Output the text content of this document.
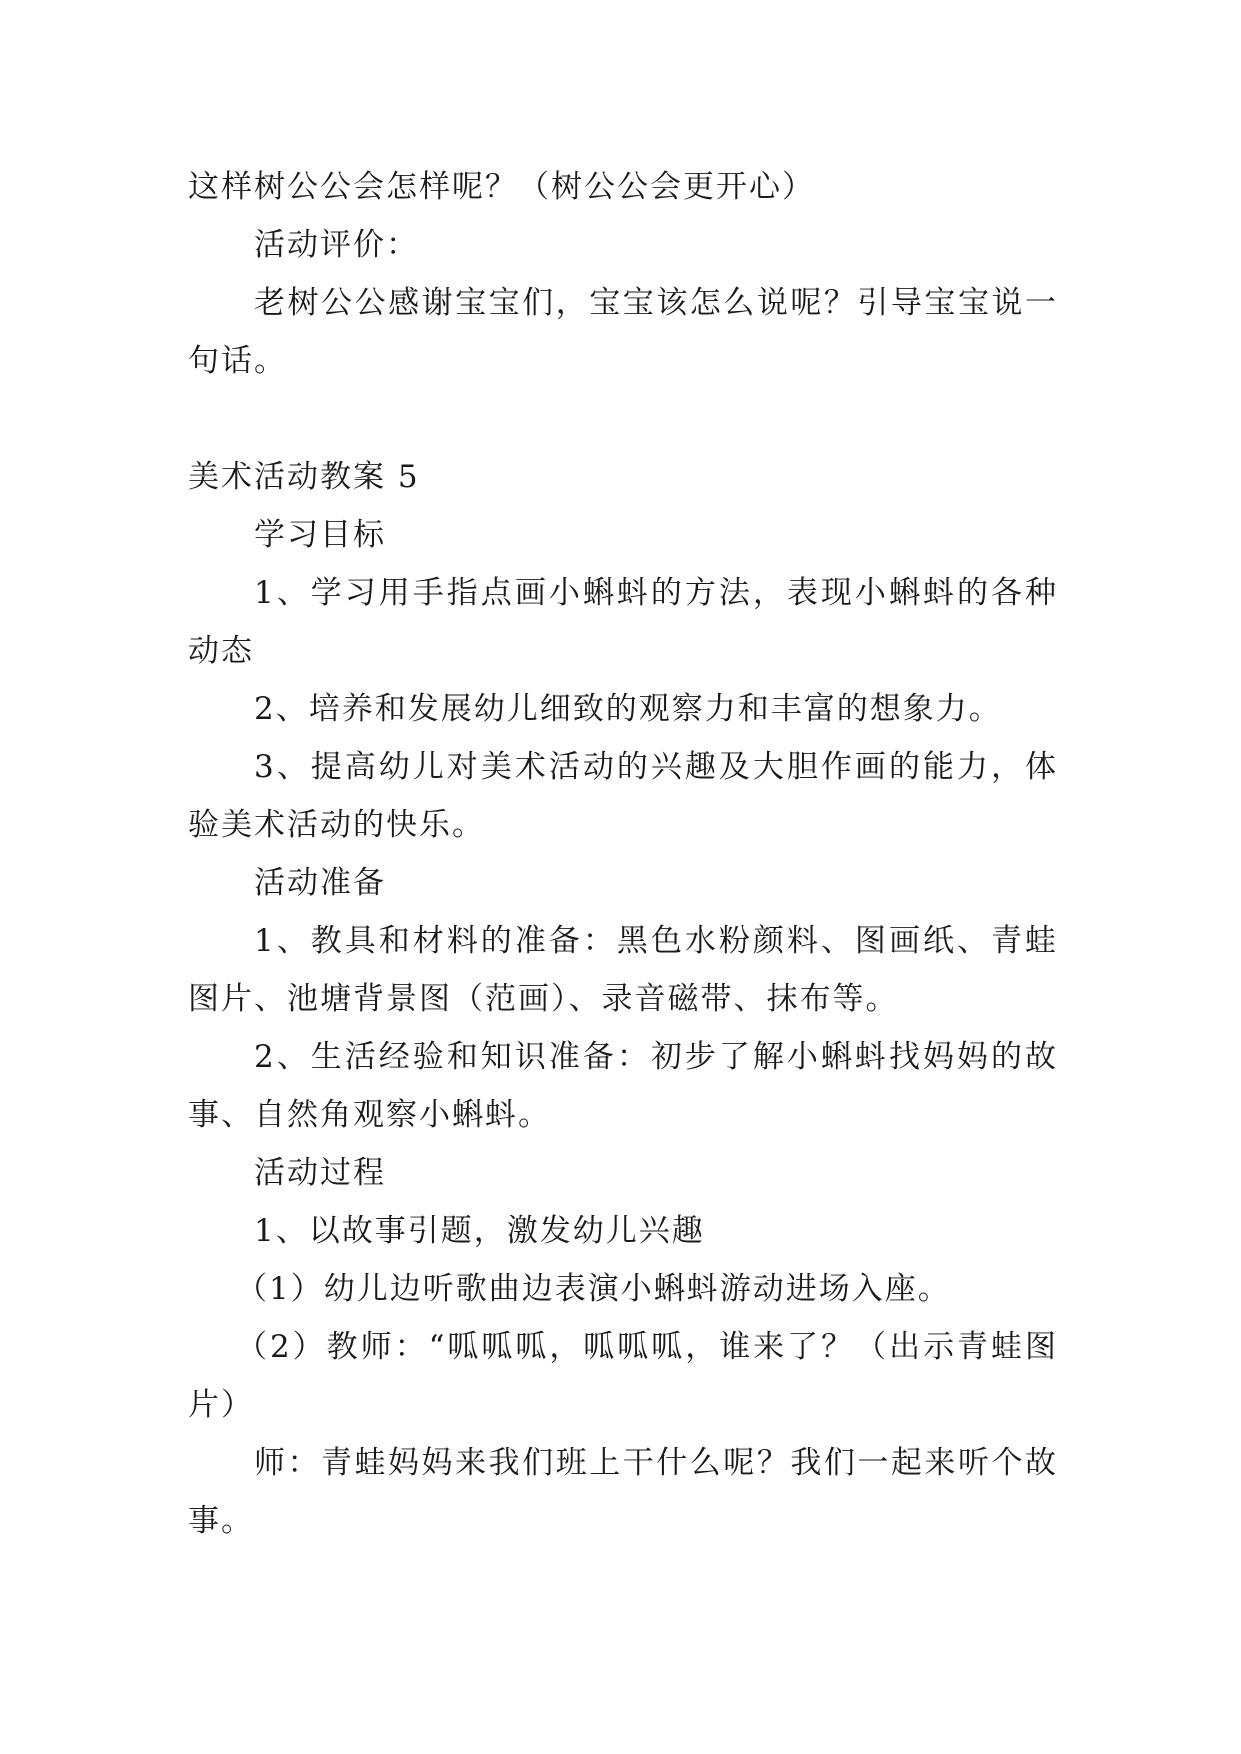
这样树公公会怎样呢？（树公公会更开心）

活动评价：

老树公公感谢宝宝们，宝宝该怎么说呢？引导宝宝说一句话。

美术活动教案 5

学习目标

1、学习用手指点画小蝌蚪的方法，表现小蝌蚪的各种动态

2、培养和发展幼儿细致的观察力和丰富的想象力。

3、提高幼儿对美术活动的兴趣及大胆作画的能力，体验美术活动的快乐。

活动准备

1、教具和材料的准备：黑色水粉颜料、图画纸、青蛙图片、池塘背景图（范画）、录音磁带、抹布等。

2、生活经验和知识准备：初步了解小蝌蚪找妈妈的故事、自然角观察小蝌蚪。

活动过程

1、以故事引题，激发幼儿兴趣

（1）幼儿边听歌曲边表演小蝌蚪游动进场入座。

（2）教师：“呱呱呱，呱呱呱，谁来了？（出示青蛙图片）

师：青蛙妈妈来我们班上干什么呢？我们一起来听个故事。
